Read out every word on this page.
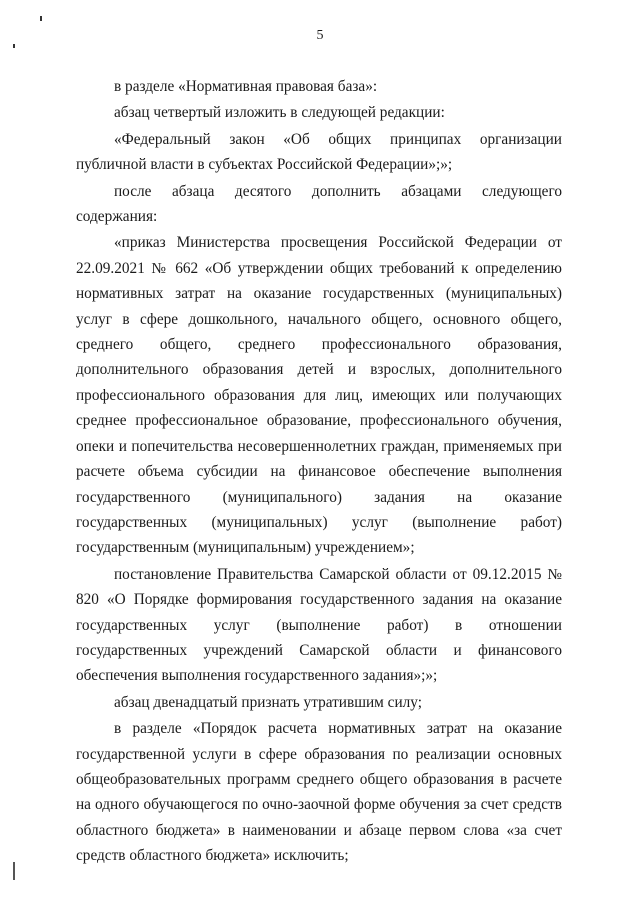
5

в разделе «Нормативная правовая база»:

абзац четвертый изложить в следующей редакции:

«Федеральный закон «Об общих принципах организации публичной власти в субъектах Российской Федерации»;»;

после абзаца десятого дополнить абзацами следующего содержания:

«приказ Министерства просвещения Российской Федерации от 22.09.2021 № 662 «Об утверждении общих требований к определению нормативных затрат на оказание государственных (муниципальных) услуг в сфере дошкольного, начального общего, основного общего, среднего общего, среднего профессионального образования, дополнительного образования детей и взрослых, дополнительного профессионального образования для лиц, имеющих или получающих среднее профессиональное образование, профессионального обучения, опеки и попечительства несовершеннолетних граждан, применяемых при расчете объема субсидии на финансовое обеспечение выполнения государственного (муниципального) задания на оказание государственных (муниципальных) услуг (выполнение работ) государственным (муниципальным) учреждением»;

постановление Правительства Самарской области от 09.12.2015 № 820 «О Порядке формирования государственного задания на оказание государственных услуг (выполнение работ) в отношении государственных учреждений Самарской области и финансового обеспечения выполнения государственного задания»;»;

абзац двенадцатый признать утратившим силу;

в разделе «Порядок расчета нормативных затрат на оказание государственной услуги в сфере образования по реализации основных общеобразовательных программ среднего общего образования в расчете на одного обучающегося по очно-заочной форме обучения за счет средств областного бюджета» в наименовании и абзаце первом слова «за счет средств областного бюджета» исключить;
